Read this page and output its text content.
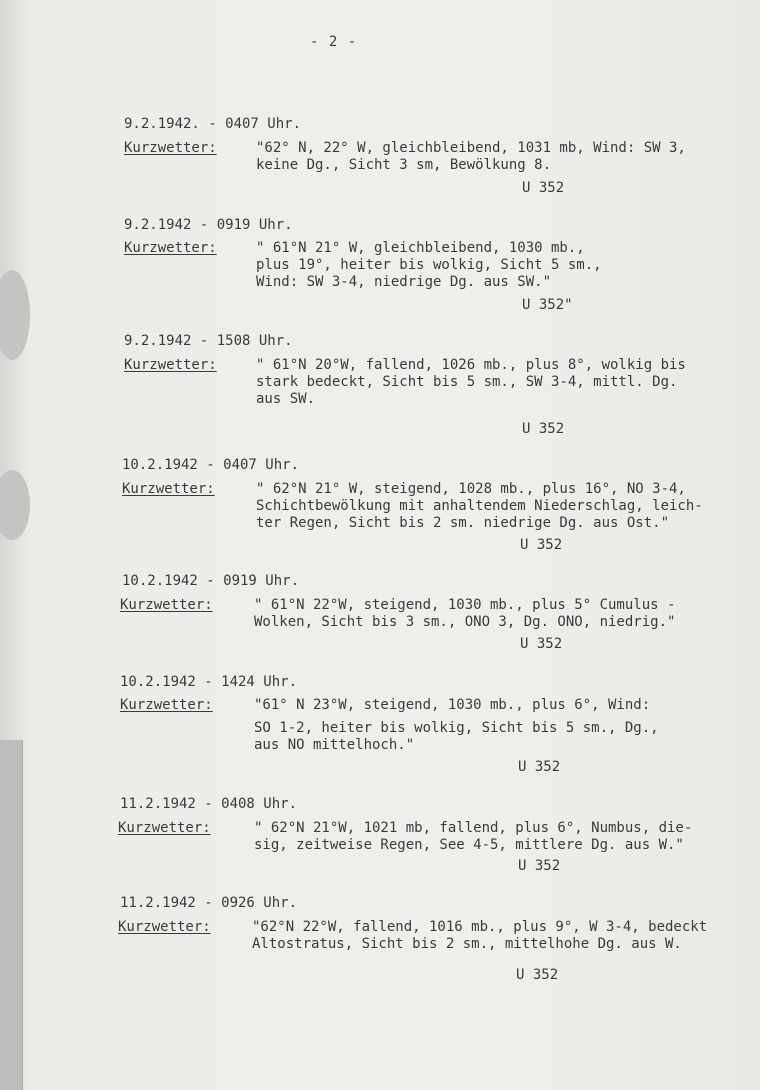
- 2 -
9.2.1942. - 0407 Uhr.
Kurzwetter:	"62° N, 22° W, gleichbleibend, 1031 mb, Wind: SW 3,
keine Dg., Sicht 3 sm, Bewölkung 8.
U 352
9.2.1942 - 0919 Uhr.
Kurzwetter:	" 61°N 21° W, gleichbleibend, 1030 mb.,
plus 19°, heiter bis wolkig, Sicht 5 sm.,
Wind: SW 3-4, niedrige Dg. aus SW."
U 352"
9.2.1942 - 1508 Uhr.
Kurzwetter:	" 61°N 20°W, fallend, 1026 mb., plus 8°, wolkig bis
stark bedeckt, Sicht bis 5 sm., SW 3-4, mittl. Dg.
aus SW.
U 352
10.2.1942 - 0407 Uhr.
Kurzwetter:	" 62°N 21° W, steigend, 1028 mb., plus 16°, NO 3-4,
Schichtbewölkung mit anhaltendem Niederschlag, leich-
ter Regen, Sicht bis 2 sm. niedrige Dg. aus Ost."
U 352
10.2.1942 - 0919 Uhr.
Kurzwetter:	" 61°N 22°W, steigend, 1030 mb., plus 5° Cumulus -
Wolken, Sicht bis 3 sm., ONO 3, Dg. ONO, niedrig."
U 352
10.2.1942 - 1424 Uhr.
Kurzwetter:	"61° N 23°W, steigend, 1030 mb., plus 6°, Wind:
SO 1-2, heiter bis wolkig, Sicht bis 5 sm., Dg.,
aus NO mittelhoch."
U 352
11.2.1942 - 0408 Uhr.
Kurzwetter:	" 62°N 21°W, 1021 mb, fallend, plus 6°, Numbus, die-
sig, zeitweise Regen, See 4-5, mittlere Dg. aus W."
U 352
11.2.1942 - 0926 Uhr.
Kurzwetter:	"62°N 22°W, fallend, 1016 mb., plus 9°, W 3-4, bedeckt
Altostratus, Sicht bis 2 sm., mittelhohe Dg. aus W.
U 352
